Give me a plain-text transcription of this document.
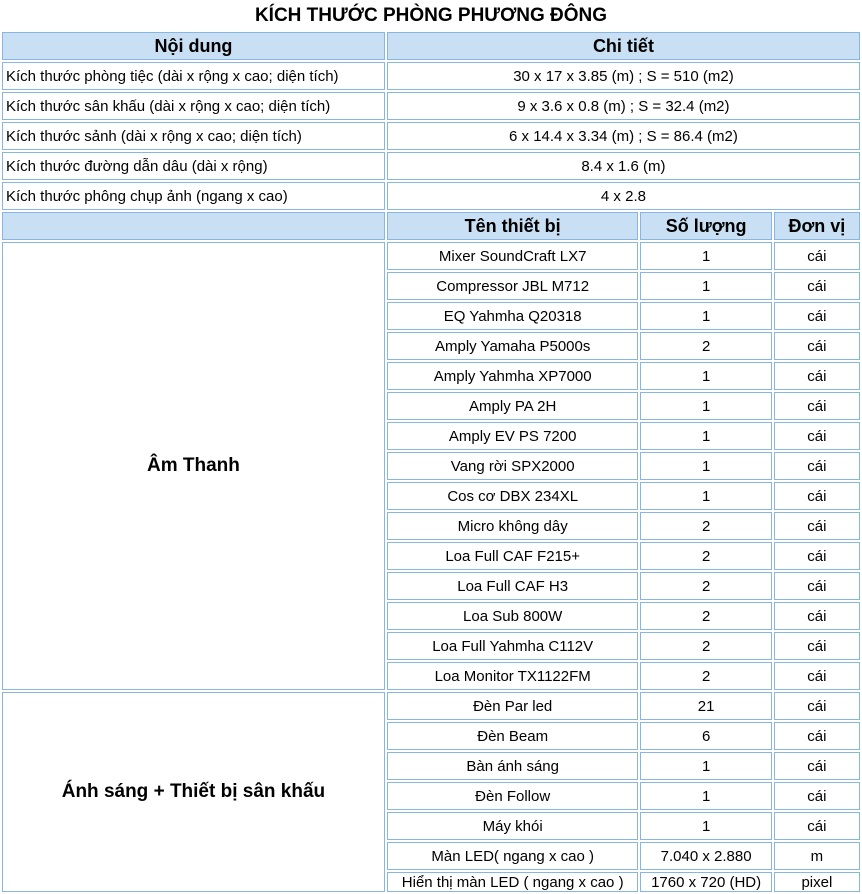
KÍCH THƯỚC PHÒNG PHƯƠNG ĐÔNG			
Nội dung	Chi tiết		
Kích thước phòng tiệc (dài x rộng x cao; diện tích)	30 x 17 x 3.85 (m) ; S = 510 (m2)		
Kích thước sân khấu (dài x rộng x cao; diện tích)	9 x 3.6 x 0.8 (m) ; S = 32.4 (m2)		
Kích thước sảnh (dài x rộng x cao; diện tích)	6 x 14.4 x 3.34 (m) ; S = 86.4 (m2)		
Kích thước đường dẫn dâu (dài x rộng)	8.4 x 1.6 (m)		
Kích thước phông chụp ảnh (ngang x cao)	4 x 2.8		
	Tên thiết bị	Số lượng	Đơn vị
Âm Thanh	Mixer SoundCraft LX7	1	cái
	Compressor JBL M712	1	cái
	EQ Yahmha Q20318	1	cái
	Amply Yamaha P5000s	2	cái
	Amply Yahmha XP7000	1	cái
	Amply PA 2H	1	cái
	Amply EV PS 7200	1	cái
	Vang rời SPX2000	1	cái
	Cos cơ DBX 234XL	1	cái
	Micro không dây	2	cái
	Loa Full CAF F215+	2	cái
	Loa Full CAF H3	2	cái
	Loa Sub 800W	2	cái
	Loa Full Yahmha C112V	2	cái
	Loa Monitor TX1122FM	2	cái
Ánh sáng + Thiết bị sân khấu	Đèn Par led	21	cái
	Đèn Beam	6	cái
	Bàn ánh sáng	1	cái
	Đèn Follow	1	cái
	Máy khói	1	cái
	Màn LED( ngang x cao )	7.040 x 2.880	m
	Hiển thị màn LED ( ngang x cao )	1760 x 720 (HD)	pixel
